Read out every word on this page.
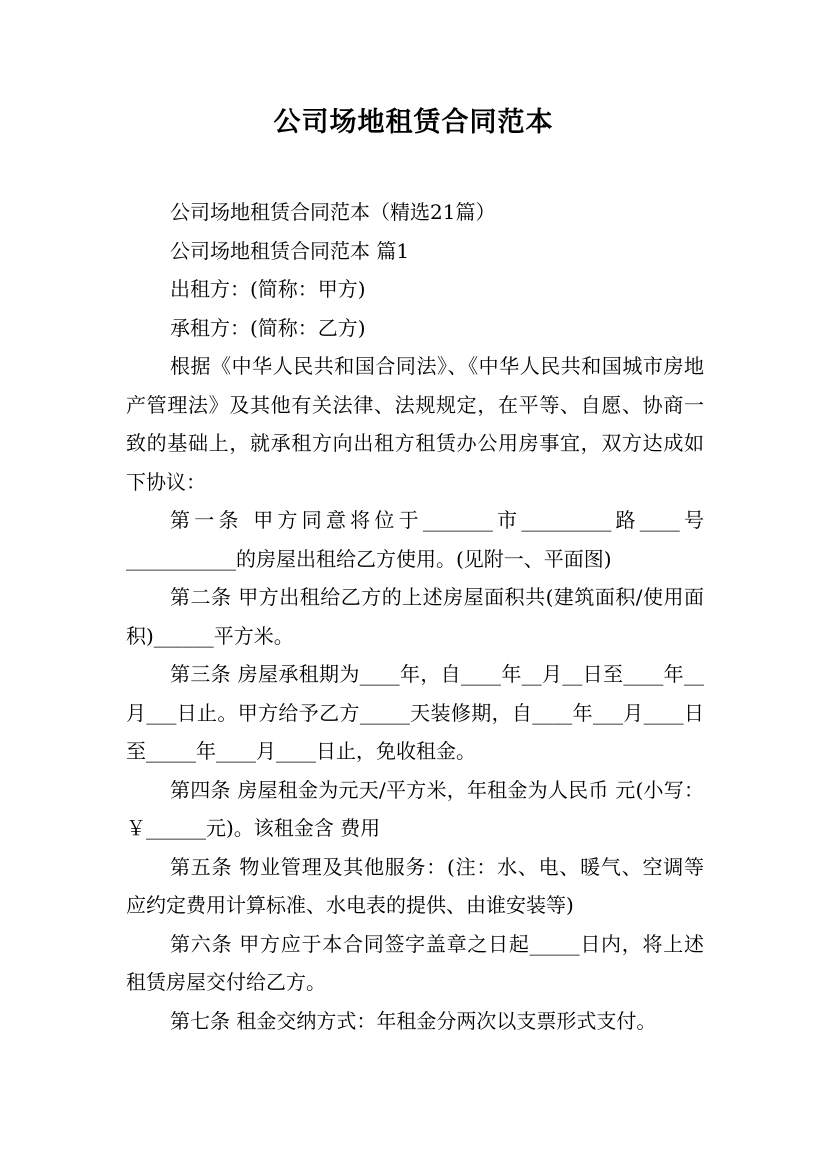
公司场地租赁合同范本

公司场地租赁合同范本（精选21篇）

公司场地租赁合同范本 篇1

出租方：(简称：甲方)

承租方：(简称：乙方)

根据《中华人民共和国合同法》、《中华人民共和国城市房地产管理法》及其他有关法律、法规规定，在平等、自愿、协商一致的基础上，就承租方向出租方租赁办公用房事宜，双方达成如下协议：

第一条 甲方同意将位于_______市_________路____号___________的房屋出租给乙方使用。(见附一、平面图)

第二条 甲方出租给乙方的上述房屋面积共(建筑面积/使用面积)______平方米。

第三条 房屋承租期为____年，自____年__月__日至____年__月___日止。甲方给予乙方_____天装修期，自____年___月____日至_____年____月____日止，免收租金。

第四条 房屋租金为元天/平方米，年租金为人民币 元(小写：￥______元)。该租金含 费用

第五条 物业管理及其他服务：(注：水、电、暖气、空调等应约定费用计算标准、水电表的提供、由谁安装等)

第六条 甲方应于本合同签字盖章之日起_____日内，将上述租赁房屋交付给乙方。

第七条 租金交纳方式：年租金分两次以支票形式支付。
